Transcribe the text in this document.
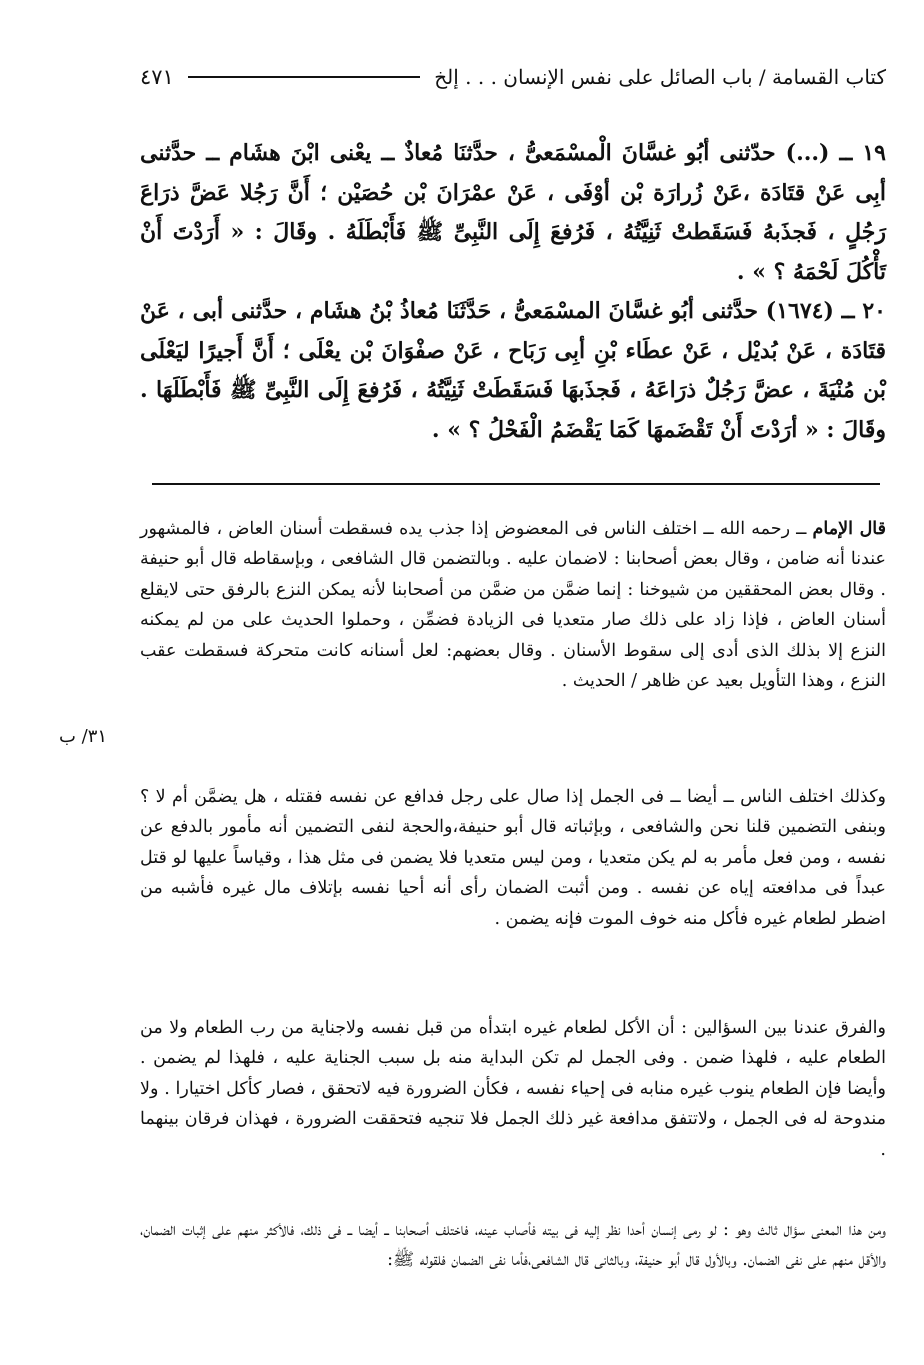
كتاب القسامة / باب الصائل على نفس الإنسان . . . إلخ
٤٧١

١٩ ــ (...) حدّثنى أبُو غسَّانَ الْمسْمَعىُّ ، حدَّثنَا مُعاذٌ ــ يعْنى ابْنَ هشَام ــ حدَّثنى أبِى عَنْ قتَادَة ،عَنْ زُرارَة بْن أوْفَى ، عَنْ عمْرَانَ بْن حُصَيْن ؛ أَنَّ رَجُلا عَضَّ ذرَاعَ رَجُلٍ ، فَجذَبهُ فَسَقَطتْ ثَنِيَّتُهُ ، فَرُفعَ إِلَى النَّبِىِّ ﷺ فَأَبْطَلَهُ . وقَالَ : « أَرَدْتَ أَنْ تَأْكُلَ لَحْمَهُ ؟ » .

٢٠ ــ (١٦٧٤) حدَّثنى أبُو غسَّانَ المسْمَعىُّ ، حَدَّثَنَا مُعاذُ بْنُ هشَام ، حدَّثنى أبى ، عَنْ قتَادَة ، عَنْ بُديْل ، عَنْ عطَاء بْنِ أبِى رَبَاح ، عَنْ صفْوَانَ بْن يعْلَى ؛ أَنَّ أَجيرًا ليَعْلَى بْن مُنْيَةَ ، عضَّ رَجُلٌ ذرَاعَهُ ، فَجذَبهَا فَسَقَطَتْ ثَنِيَّتُهُ ، فَرُفعَ إِلَى النَّبِىِّ ﷺ فَأَبْطَلَهَا . وقَالَ : « أرَدْتَ أَنْ تَقْضَمهَا كَمَا يَقْضَمُ الْفَحْلُ ؟ » .

قال الإمام ــ رحمه الله ــ اختلف الناس فى المعضوض إذا جذب يده فسقطت أسنان العاض ، فالمشهور عندنا أنه ضامن ، وقال بعض أصحابنا : لاضمان عليه . وبالتضمن قال الشافعى ، وبإسقاطه قال أبو حنيفة . وقال بعض المحققين من شيوخنا : إنما ضمَّن من ضمَّن من أصحابنا لأنه يمكن النزع بالرفق حتى لايقلع أسنان العاض ، فإذا زاد على ذلك صار متعديا فى الزيادة فضمِّن ، وحملوا الحديث على من لم يمكنه النزع إلا بذلك الذى أدى إلى سقوط الأسنان . وقال بعضهم: لعل أسنانه كانت متحركة فسقطت عقب النزع ، وهذا التأويل بعيد عن ظاهر / الحديث .

وكذلك اختلف الناس ــ أيضا ــ فى الجمل إذا صال على رجل فدافع عن نفسه فقتله ، هل يضمَّن أم لا ؟ وبنفى التضمين قلنا نحن والشافعى ، وبإثباته قال أبو حنيفة،والحجة لنفى التضمين أنه مأمور بالدفع عن نفسه ، ومن فعل مأمر به لم يكن متعديا ، ومن ليس متعديا فلا يضمن فى مثل هذا ، وقياساً عليها لو قتل عبداً فى مدافعته إياه عن نفسه . ومن أثبت الضمان رأى أنه أحيا نفسه بإتلاف مال غيره فأشبه من اضطر لطعام غيره فأكل منه خوف الموت فإنه يضمن .

والفرق عندنا بين السؤالين : أن الأكل لطعام غيره ابتدأه من قبل نفسه ولاجناية من رب الطعام ولا من الطعام عليه ، فلهذا ضمن . وفى الجمل لم تكن البداية منه بل سبب الجناية عليه ، فلهذا لم يضمن . وأيضا فإن الطعام ينوب غيره منابه فى إحياء نفسه ، فكأن الضرورة فيه لاتحقق ، فصار كأكل اختيارا . ولا مندوحة له فى الجمل ، ولاتتفق مدافعة غير ذلك الجمل فلا تنجيه فتحققت الضرورة ، فهذان فرقان بينهما .

ومن هذا المعنى سؤال ثالث وهو : لو رمى إنسان أحدا نظر إليه فى بيته فأصاب عينه، فاختلف أصحابنا ــ أيضا ــ فى ذلك، فالأكثر منهم على إثبات الضمان، والأقل منهم على نفى الضمان. وبالأول قال أبو حنيفة، وبالثانى قال الشافعى،فأما نفى الضمان فلقوله ﷺ:

٣١/ ب
